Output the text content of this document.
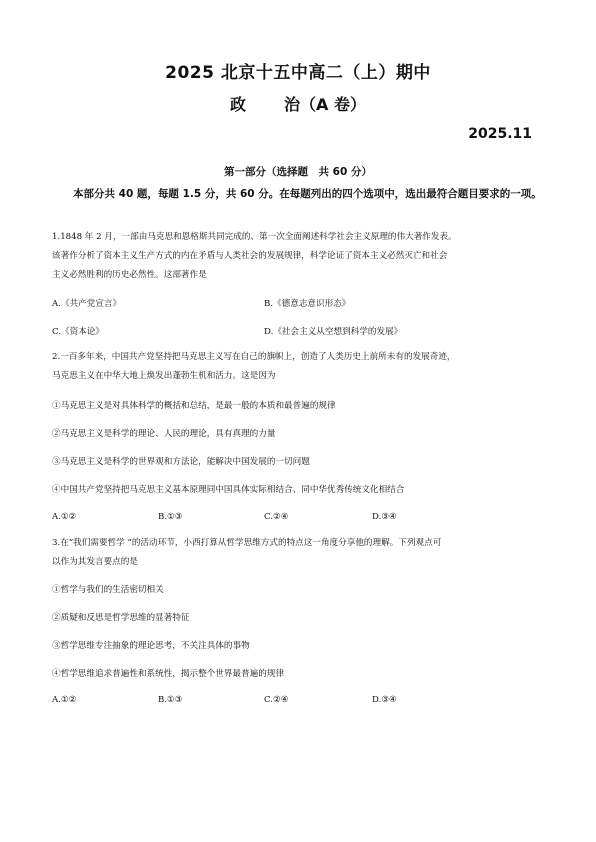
2025 北京十五中高二（上）期中
政 治（A 卷）
2025.11
第一部分（选择题　共 60 分）
本部分共 40 题，每题 1.5 分，共 60 分。在每题列出的四个选项中，选出最符合题目要求的一项。
1.1848 年 2 月，一部由马克思和恩格斯共同完成的、第一次全面阐述科学社会主义原理的伟大著作发表。
该著作分析了资本主义生产方式的内在矛盾与人类社会的发展规律，科学论证了资本主义必然灭亡和社会
主义必然胜利的历史必然性。这部著作是
A.《共产党宣言》	B.《德意志意识形态》
C.《资本论》	D.《社会主义从空想到科学的发展》
2.一百多年来，中国共产党坚持把马克思主义写在自己的旗帜上，创造了人类历史上前所未有的发展奇迹，
马克思主义在中华大地上焕发出蓬勃生机和活力。这是因为
①马克思主义是对具体科学的概括和总结，是最一般的本质和最普遍的规律
②马克思主义是科学的理论、人民的理论，具有真理的力量
③马克思主义是科学的世界观和方法论，能解决中国发展的一切问题
④中国共产党坚持把马克思主义基本原理同中国具体实际相结合、同中华优秀传统文化相结合
A.①②	B.①③	C.②④	D.③④
3.在“我们需要哲学 ”的活动环节，小西打算从哲学思维方式的特点这一角度分享他的理解。下列观点可
以作为其发言要点的是
①哲学与我们的生活密切相关
②质疑和反思是哲学思维的显著特征
③哲学思维专注抽象的理论思考，不关注具体的事物
④哲学思维追求普遍性和系统性，揭示整个世界最普遍的规律
A.①②	B.①③	C.②④	D.③④
